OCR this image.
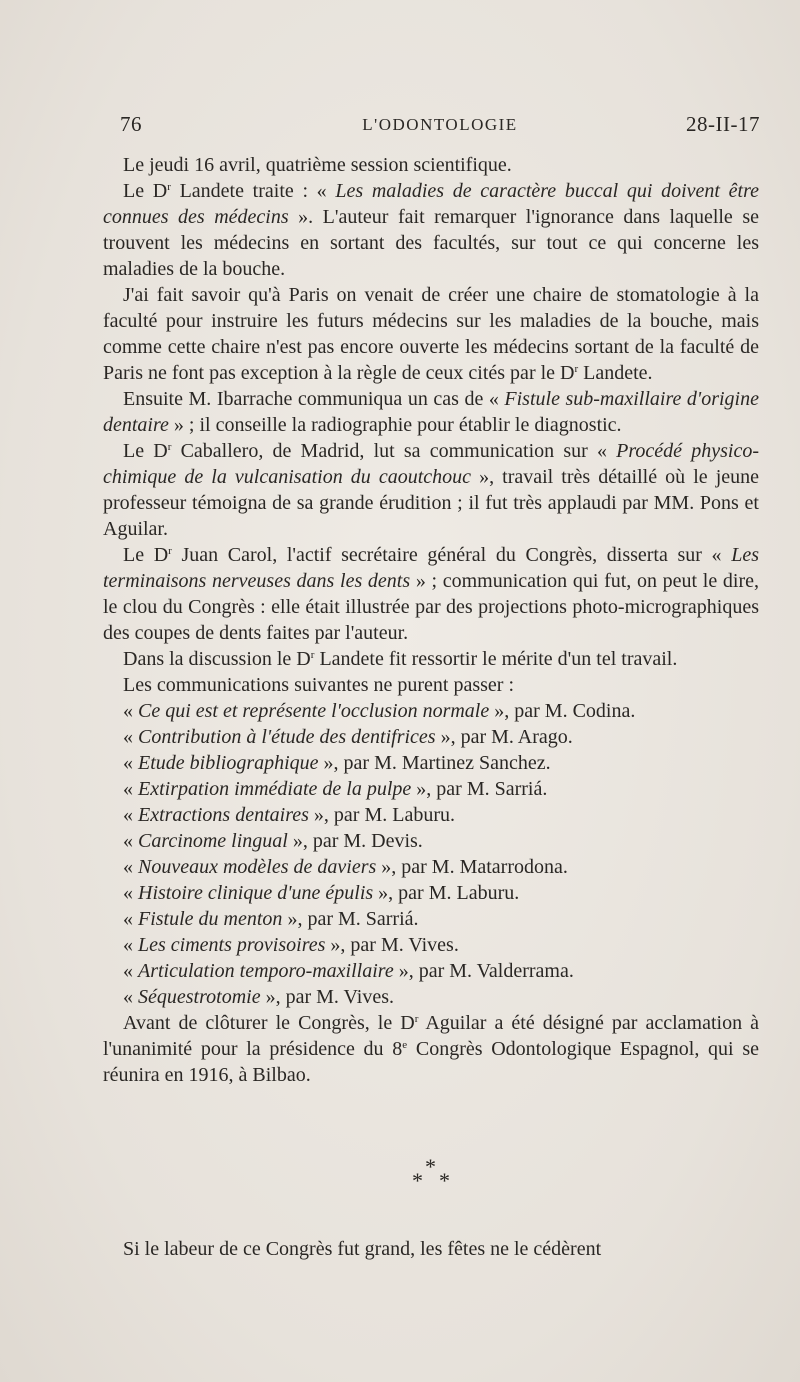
76	L'ODONTOLOGIE	28-II-17

Le jeudi 16 avril, quatrième session scientifique.

Le $D^r$ Landete traite : « Les maladies de caractère buccal qui doivent être connues des médecins ». L'auteur fait remarquer l'ignorance dans laquelle se trouvent les médecins en sortant des facultés, sur tout ce qui concerne les maladies de la bouche.

J'ai fait savoir qu'à Paris on venait de créer une chaire de stomatologie à la faculté pour instruire les futurs médecins sur les maladies de la bouche, mais comme cette chaire n'est pas encore ouverte les médecins sortant de la faculté de Paris ne font pas exception à la règle de ceux cités par le $D^r$ Landete.

Ensuite M. Ibarrache communiqua un cas de « Fistule sub-maxillaire d'origine dentaire » ; il conseille la radiographie pour établir le diagnostic.

Le $D^r$ Caballero, de Madrid, lut sa communication sur « Procédé physico-chimique de la vulcanisation du caoutchouc », travail très détaillé où le jeune professeur témoigna de sa grande érudition ; il fut très applaudi par MM. Pons et Aguilar.

Le $D^r$ Juan Carol, l'actif secrétaire général du Congrès, disserta sur « Les terminaisons nerveuses dans les dents » ; communication qui fut, on peut le dire, le clou du Congrès : elle était illustrée par des projections photo-micrographiques des coupes de dents faites par l'auteur.

Dans la discussion le $D^r$ Landete fit ressortir le mérite d'un tel travail.

Les communications suivantes ne purent passer :

« Ce qui est et représente l'occlusion normale », par M. Codina.
« Contribution à l'étude des dentifrices », par M. Arago.
« Etude bibliographique », par M. Martinez Sanchez.
« Extirpation immédiate de la pulpe », par M. Sarriá.
« Extractions dentaires », par M. Laburu.
« Carcinome lingual », par M. Devis.
« Nouveaux modèles de daviers », par M. Matarrodona.
« Histoire clinique d'une épulis », par M. Laburu.
« Fistule du menton », par M. Sarriá.
« Les ciments provisoires », par M. Vives.
« Articulation temporo-maxillaire », par M. Valderrama.
« Séquestrotomie », par M. Vives.

Avant de clôturer le Congrès, le $D^r$ Aguilar a été désigné par acclamation à l'unanimité pour la présidence du 8e Congrès Odontologique Espagnol, qui se réunira en 1916, à Bilbao.

*
* *
Si le labeur de ce Congrès fut grand, les fêtes ne le cédèrent
